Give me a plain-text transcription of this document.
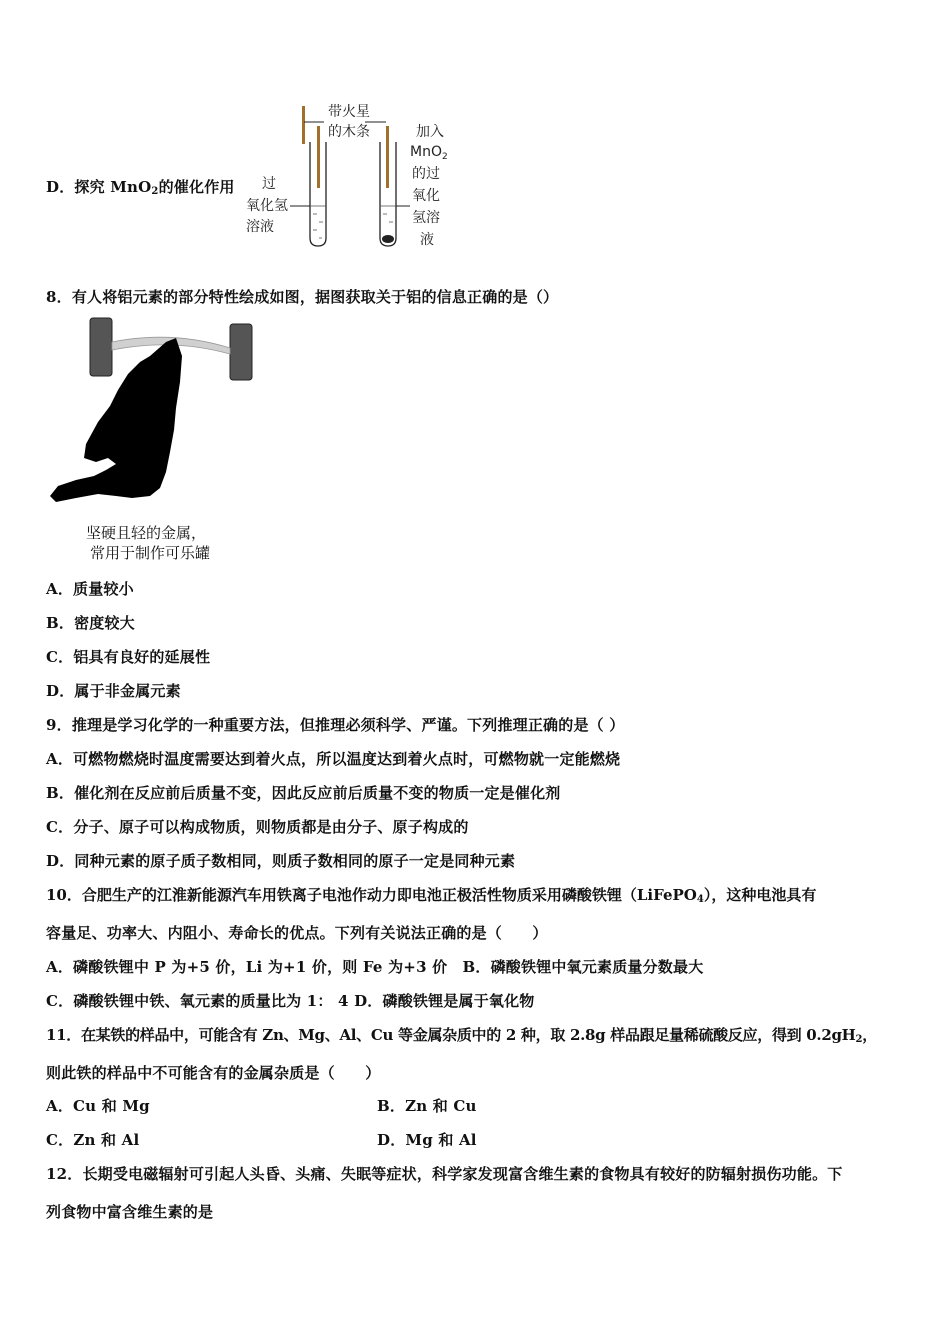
D．探究 MnO$_2$的催化作用
带火星
的木条
过
氧化氢
溶液
加入
MnO$_2$
的过
氧化
氢溶
液
8．有人将铝元素的部分特性绘成如图，据图获取关于铝的信息正确的是（）
坚硬且轻的金属，
常用于制作可乐罐
A．质量较小
B．密度较大
C．铝具有良好的延展性
D．属于非金属元素
9．推理是学习化学的一种重要方法，但推理必须科学、严谨。下列推理正确的是（ ）
A．可燃物燃烧时温度需要达到着火点，所以温度达到着火点时，可燃物就一定能燃烧
B．催化剂在反应前后质量不变，因此反应前后质量不变的物质一定是催化剂
C．分子、原子可以构成物质，则物质都是由分子、原子构成的
D．同种元素的原子质子数相同，则质子数相同的原子一定是同种元素
10．合肥生产的江淮新能源汽车用铁离子电池作动力即电池正极活性物质采用磷酸铁锂（LiFePO$_4$），这种电池具有
容量足、功率大、内阻小、寿命长的优点。下列有关说法正确的是（　　）
A．磷酸铁锂中 P 为+5 价，Li 为+1 价，则 Fe 为+3 价　B．磷酸铁锂中氧元素质量分数最大
C．磷酸铁锂中铁、氧元素的质量比为 1： 4 D．磷酸铁锂是属于氧化物
11．在某铁的样品中，可能含有 Zn、Mg、Al、Cu 等金属杂质中的 2 种，取 2.8g 样品跟足量稀硫酸反应，得到 $0.2gH_2$，
则此铁的样品中不可能含有的金属杂质是（　　）
A．Cu 和 Mg	B．Zn 和 Cu
C．Zn 和 Al	D．Mg 和 Al
12．长期受电磁辐射可引起人头昏、头痛、失眠等症状，科学家发现富含维生素的食物具有较好的防辐射损伤功能。下
列食物中富含维生素的是
